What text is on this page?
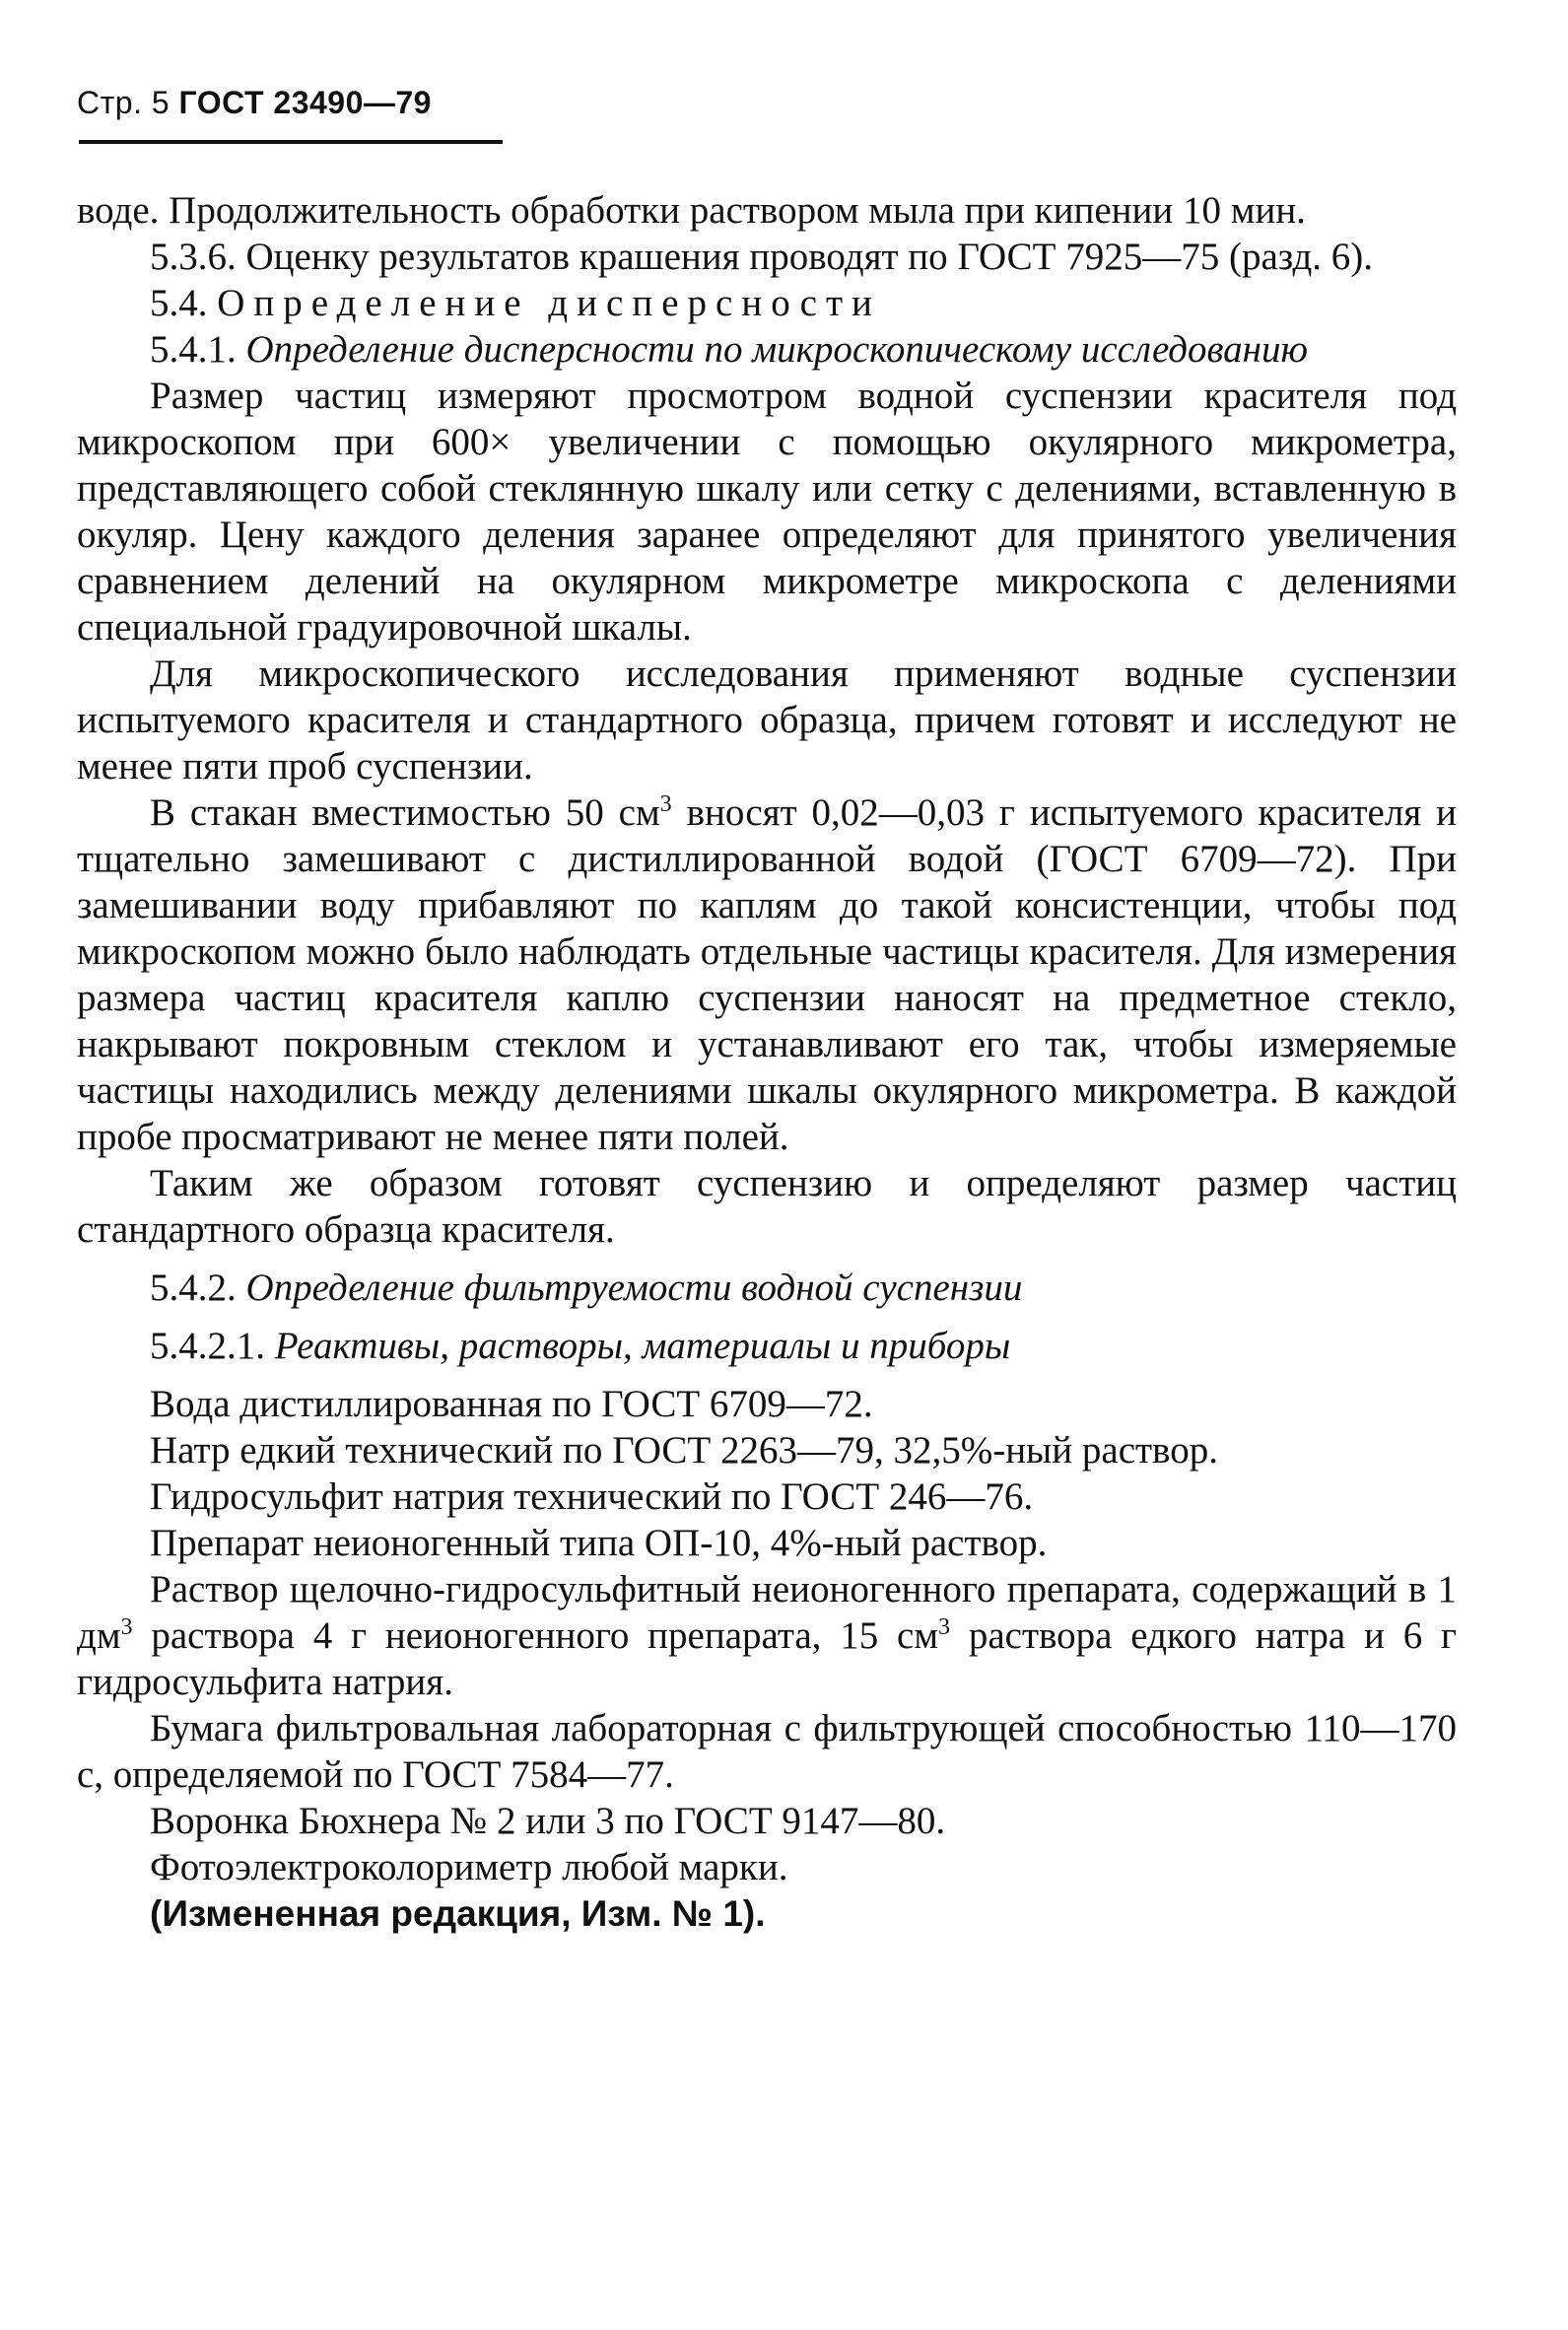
Стр. 5 ГОСТ 23490—79

воде. Продолжительность обработки раствором мыла при кипении 10 мин.

5.3.6. Оценку результатов крашения проводят по ГОСТ 7925—75 (разд. 6).

5.4. Определение дисперсности

5.4.1. Определение дисперсности по микроскопическому исследованию

Размер частиц измеряют просмотром водной суспензии красителя под микроскопом при 600× увеличении с помощью окулярного микрометра, представляющего собой стеклянную шкалу или сетку с делениями, вставленную в окуляр. Цену каждого деления заранее определяют для принятого увеличения сравнением делений на окулярном микрометре микроскопа с делениями специальной градуировочной шкалы.

Для микроскопического исследования применяют водные суспензии испытуемого красителя и стандартного образца, причем готовят и исследуют не менее пяти проб суспензии.

В стакан вместимостью 50 $см^3$ вносят 0,02—0,03 г испытуемого красителя и тщательно замешивают с дистиллированной водой (ГОСТ 6709—72). При замешивании воду прибавляют по каплям до такой консистенции, чтобы под микроскопом можно было наблюдать отдельные частицы красителя. Для измерения размера частиц красителя каплю суспензии наносят на предметное стекло, накрывают покровным стеклом и устанавливают его так, чтобы измеряемые частицы находились между делениями шкалы окулярного микрометра. В каждой пробе просматривают не менее пяти полей.

Таким же образом готовят суспензию и определяют размер частиц стандартного образца красителя.

5.4.2. Определение фильтруемости водной суспензии

5.4.2.1. Реактивы, растворы, материалы и приборы

Вода дистиллированная по ГОСТ 6709—72.

Натр едкий технический по ГОСТ 2263—79, 32,5%-ный раствор.

Гидросульфит натрия технический по ГОСТ 246—76.

Препарат неионогенный типа ОП-10, 4%-ный раствор.

Раствор щелочно-гидросульфитный неионогенного препарата, содержащий в 1 $дм^3$ раствора 4 г неионогенного препарата, 15 $см^3$ раствора едкого натра и 6 г гидросульфита натрия.

Бумага фильтровальная лабораторная с фильтрующей способностью 110—170 с, определяемой по ГОСТ 7584—77.

Воронка Бюхнера № 2 или 3 по ГОСТ 9147—80.

Фотоэлектроколориметр любой марки.

(Измененная редакция, Изм. № 1).
